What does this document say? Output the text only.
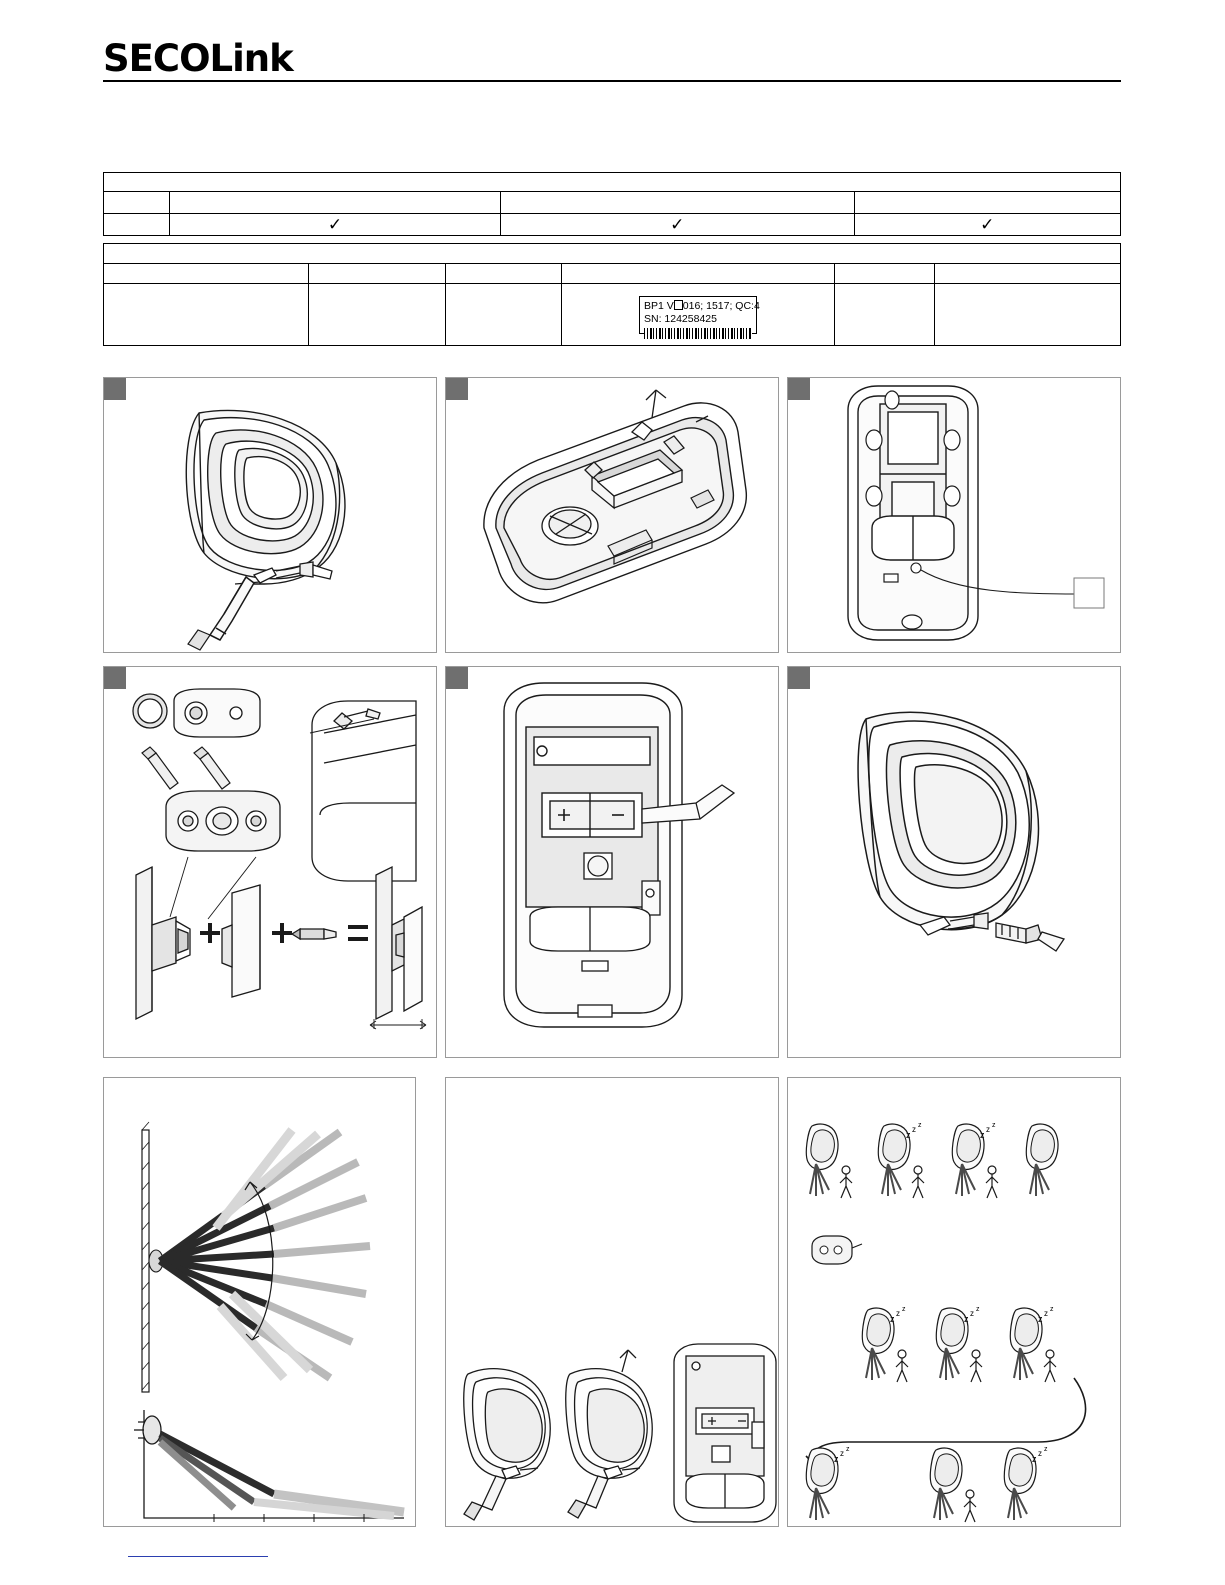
SECOLink

	✓	✓	✓

			BP1 V 016; 1517; QC:4
SN: 124258425		

z
z z
z
z z
z
z z
z
z z
z
z z
z
z z
z
z z
